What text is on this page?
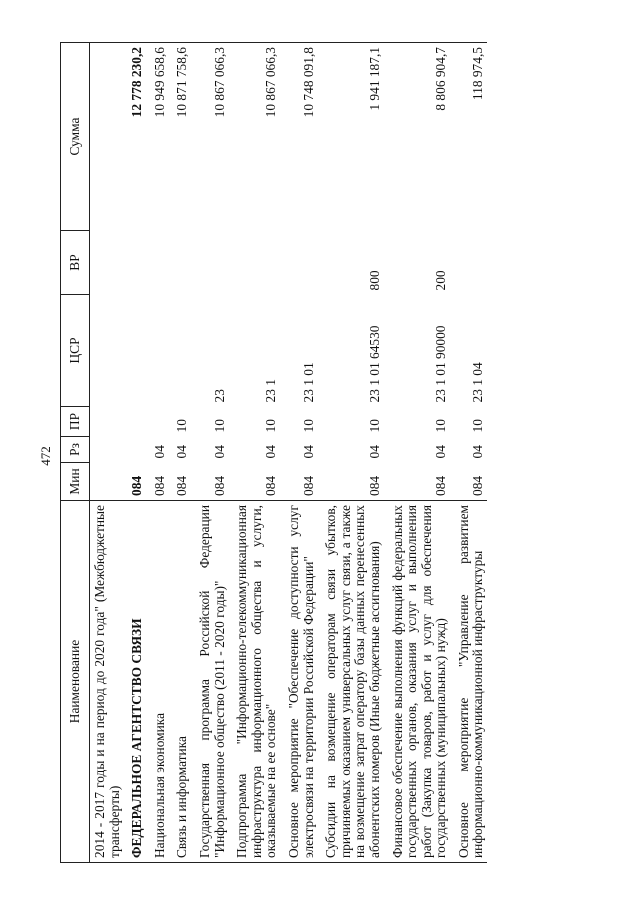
472
Наименование	Мин	Рз	ПР	ЦСР	ВР	Сумма
2014 - 2017 годы и на период до 2020 года" (Межбюджетные трансферты)						
ФЕДЕРАЛЬНОЕ АГЕНТСТВО СВЯЗИ	084					12 778 230,2
Национальная экономика	084	04				10 949 658,6
Связь и информатика	084	04	10			10 871 758,6
Государственная программа Российской Федерации "Информационное общество (2011 - 2020 годы)"	084	04	10	23		10 867 066,3
Подпрограмма "Информационно-телекоммуникационная инфраструктура информационного общества и услуги, оказываемые на ее основе"	084	04	10	23 1		10 867 066,3
Основное мероприятие "Обеспечение доступности услуг электросвязи на территории Российской Федерации"	084	04	10	23 1 01		10 748 091,8
Субсидии на возмещение операторам связи убытков, причиняемых оказанием универсальных услуг связи, а также на возмещение затрат оператору базы данных перенесенных абонентских номеров (Иные бюджетные ассигнования)	084	04	10	23 1 01 64530	800	1 941 187,1
Финансовое обеспечение выполнения функций федеральных государственных органов, оказания услуг и выполнения работ (Закупка товаров, работ и услуг для обеспечения государственных (муниципальных) нужд)	084	04	10	23 1 01 90000	200	8 806 904,7
Основное мероприятие "Управление развитием информационно-коммуникационной инфраструктуры	084	04	10	23 1 04		118 974,5
